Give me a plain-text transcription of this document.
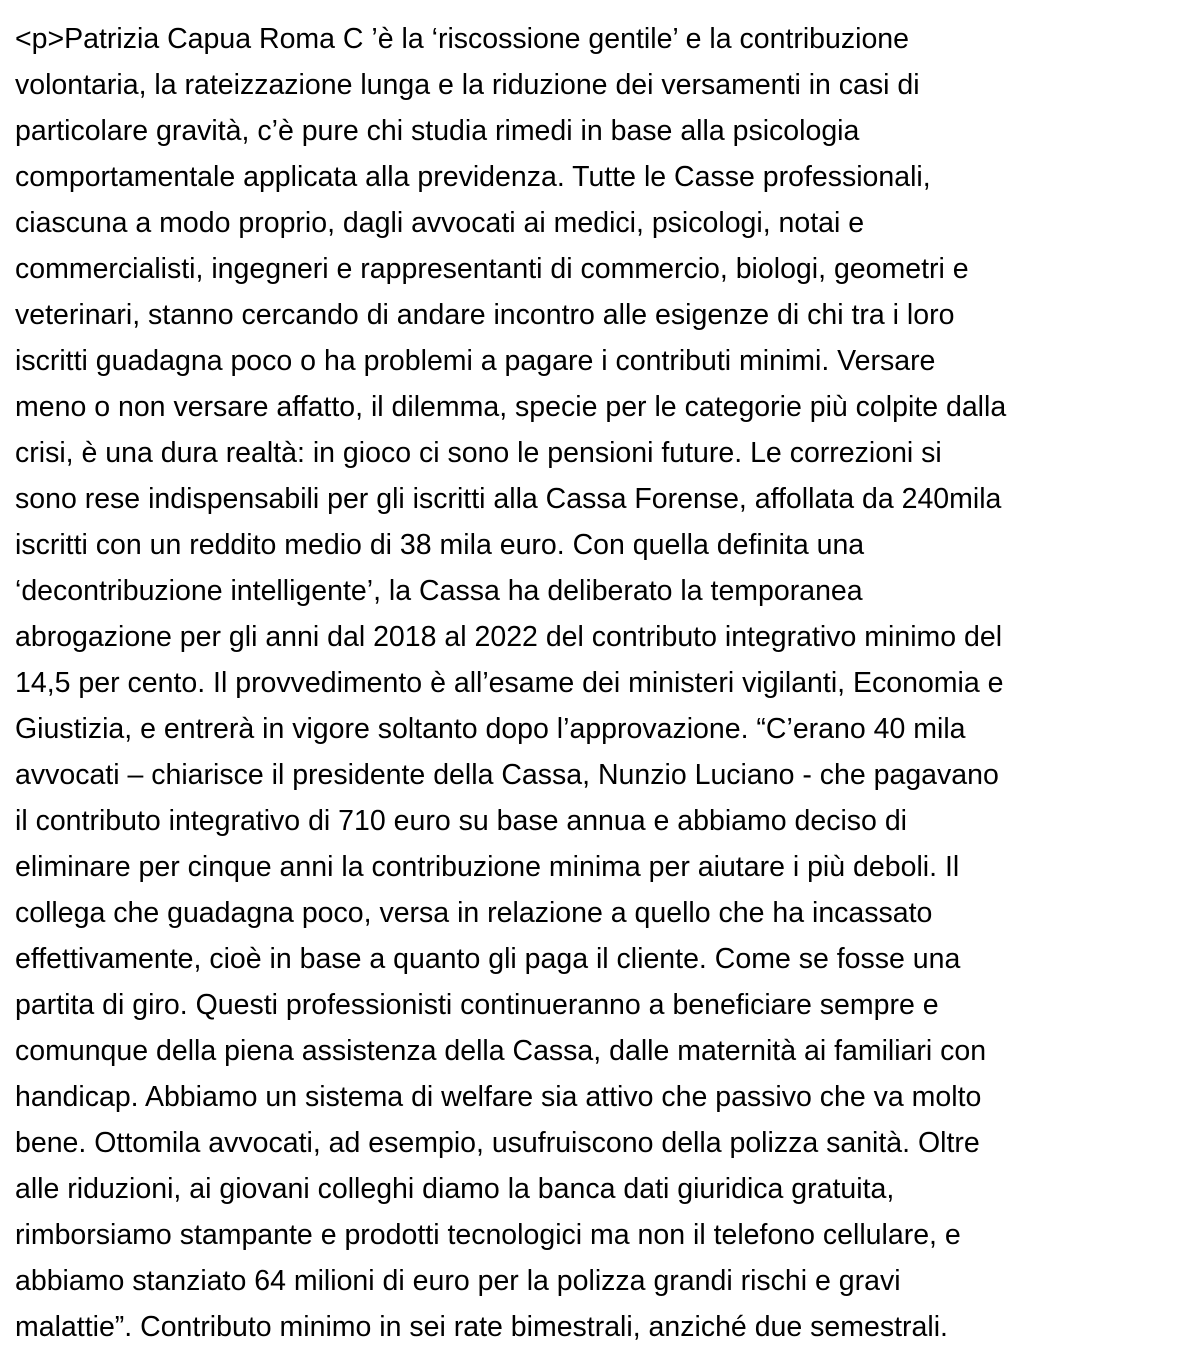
<p>Patrizia Capua Roma C ’è la ‘riscossione gentile’ e la contribuzione
volontaria, la rateizzazione lunga e la riduzione dei versamenti in casi di
particolare gravità, c’è pure chi studia rimedi in base alla psicologia
comportamentale applicata alla previdenza. Tutte le Casse professionali,
ciascuna a modo proprio, dagli avvocati ai medici, psicologi, notai e
commercialisti, ingegneri e rappresentanti di commercio, biologi, geometri e
veterinari, stanno cercando di andare incontro alle esigenze di chi tra i loro
iscritti guadagna poco o ha problemi a pagare i contributi minimi. Versare
meno o non versare affatto, il dilemma, specie per le categorie più colpite dalla
crisi, è una dura realtà: in gioco ci sono le pensioni future. Le correzioni si
sono rese indispensabili per gli iscritti alla Cassa Forense, affollata da 240mila
iscritti con un reddito medio di 38 mila euro. Con quella definita una
‘decontribuzione intelligente’, la Cassa ha deliberato la temporanea
abrogazione per gli anni dal 2018 al 2022 del contributo integrativo minimo del
14,5 per cento. Il provvedimento è all’esame dei ministeri vigilanti, Economia e
Giustizia, e entrerà in vigore soltanto dopo l’approvazione. “C’erano 40 mila
avvocati – chiarisce il presidente della Cassa, Nunzio Luciano - che pagavano
il contributo integrativo di 710 euro su base annua e abbiamo deciso di
eliminare per cinque anni la contribuzione minima per aiutare i più deboli. Il
collega che guadagna poco, versa in relazione a quello che ha incassato
effettivamente, cioè in base a quanto gli paga il cliente. Come se fosse una
partita di giro. Questi professionisti continueranno a beneficiare sempre e
comunque della piena assistenza della Cassa, dalle maternità ai familiari con
handicap. Abbiamo un sistema di welfare sia attivo che passivo che va molto
bene. Ottomila avvocati, ad esempio, usufruiscono della polizza sanità. Oltre
alle riduzioni, ai giovani colleghi diamo la banca dati giuridica gratuita,
rimborsiamo stampante e prodotti tecnologici ma non il telefono cellulare, e
abbiamo stanziato 64 milioni di euro per la polizza grandi rischi e gravi
malattie”. Contributo minimo in sei rate bimestrali, anziché due semestrali.
